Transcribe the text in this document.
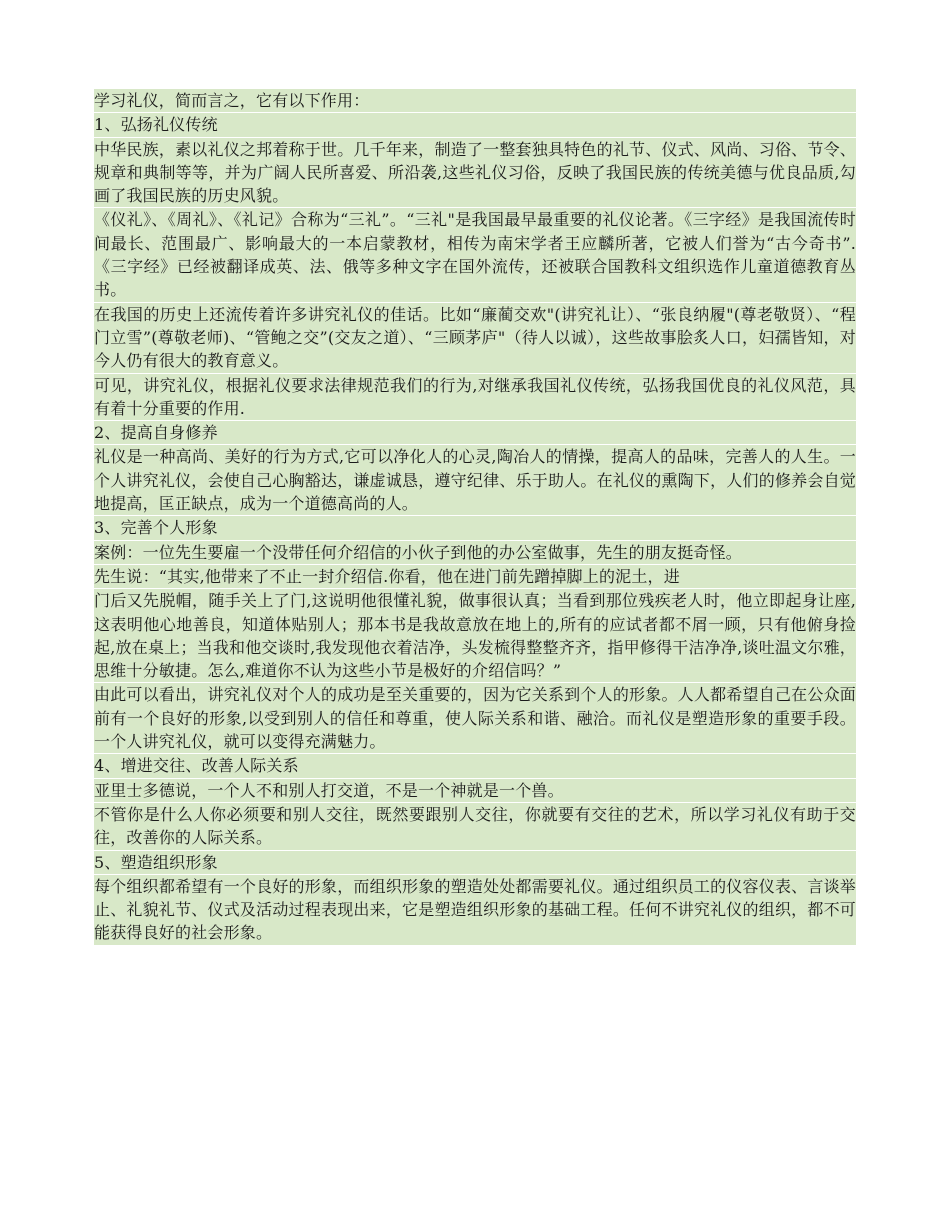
学习礼仪，简而言之，它有以下作用：

1、弘扬礼仪传统

中华民族，素以礼仪之邦着称于世。几千年来，制造了一整套独具特色的礼节、仪式、风尚、习俗、节令、规章和典制等等，并为广阔人民所喜爱、所沿袭,这些礼仪习俗，反映了我国民族的传统美德与优良品质,勾画了我国民族的历史风貌。

《仪礼》、《周礼》、《礼记》合称为“三礼”。“三礼"是我国最早最重要的礼仪论著。《三字经》是我国流传时间最长、范围最广、影响最大的一本启蒙教材，相传为南宋学者王应麟所著，它被人们誉为“古今奇书”.《三字经》已经被翻译成英、法、俄等多种文字在国外流传，还被联合国教科文组织选作儿童道德教育丛书。

在我国的历史上还流传着许多讲究礼仪的佳话。比如“廉蔺交欢"(讲究礼让）、“张良纳履"(尊老敬贤）、“程门立雪”(尊敬老师)、“管鲍之交”(交友之道）、“三顾茅庐"（待人以诚），这些故事脍炙人口，妇孺皆知，对今人仍有很大的教育意义。

可见，讲究礼仪，根据礼仪要求法律规范我们的行为,对继承我国礼仪传统，弘扬我国优良的礼仪风范，具有着十分重要的作用.

2、提高自身修养

礼仪是一种高尚、美好的行为方式,它可以净化人的心灵,陶冶人的情操，提高人的品味，完善人的人生。一个人讲究礼仪，会使自己心胸豁达，谦虚诚恳，遵守纪律、乐于助人。在礼仪的熏陶下，人们的修养会自觉地提高，匡正缺点，成为一个道德高尚的人。

3、完善个人形象

案例：一位先生要雇一个没带任何介绍信的小伙子到他的办公室做事，先生的朋友挺奇怪。

先生说：“其实,他带来了不止一封介绍信.你看，他在进门前先蹭掉脚上的泥土，进

门后又先脱帽，随手关上了门,这说明他很懂礼貌，做事很认真；当看到那位残疾老人时，他立即起身让座,这表明他心地善良，知道体贴别人；那本书是我故意放在地上的,所有的应试者都不屑一顾，只有他俯身捡起,放在桌上；当我和他交谈时,我发现他衣着洁净，头发梳得整整齐齐，指甲修得干洁净净,谈吐温文尔雅，思维十分敏捷。怎么,难道你不认为这些小节是极好的介绍信吗？”

由此可以看出，讲究礼仪对个人的成功是至关重要的，因为它关系到个人的形象。人人都希望自己在公众面前有一个良好的形象,以受到别人的信任和尊重，使人际关系和谐、融洽。而礼仪是塑造形象的重要手段。一个人讲究礼仪，就可以变得充满魅力。

4、增进交往、改善人际关系

亚里士多德说，一个人不和别人打交道，不是一个神就是一个兽。

不管你是什么人你必须要和别人交往，既然要跟别人交往，你就要有交往的艺术，所以学习礼仪有助于交往，改善你的人际关系。

5、塑造组织形象

每个组织都希望有一个良好的形象，而组织形象的塑造处处都需要礼仪。通过组织员工的仪容仪表、言谈举止、礼貌礼节、仪式及活动过程表现出来，它是塑造组织形象的基础工程。任何不讲究礼仪的组织，都不可能获得良好的社会形象。
